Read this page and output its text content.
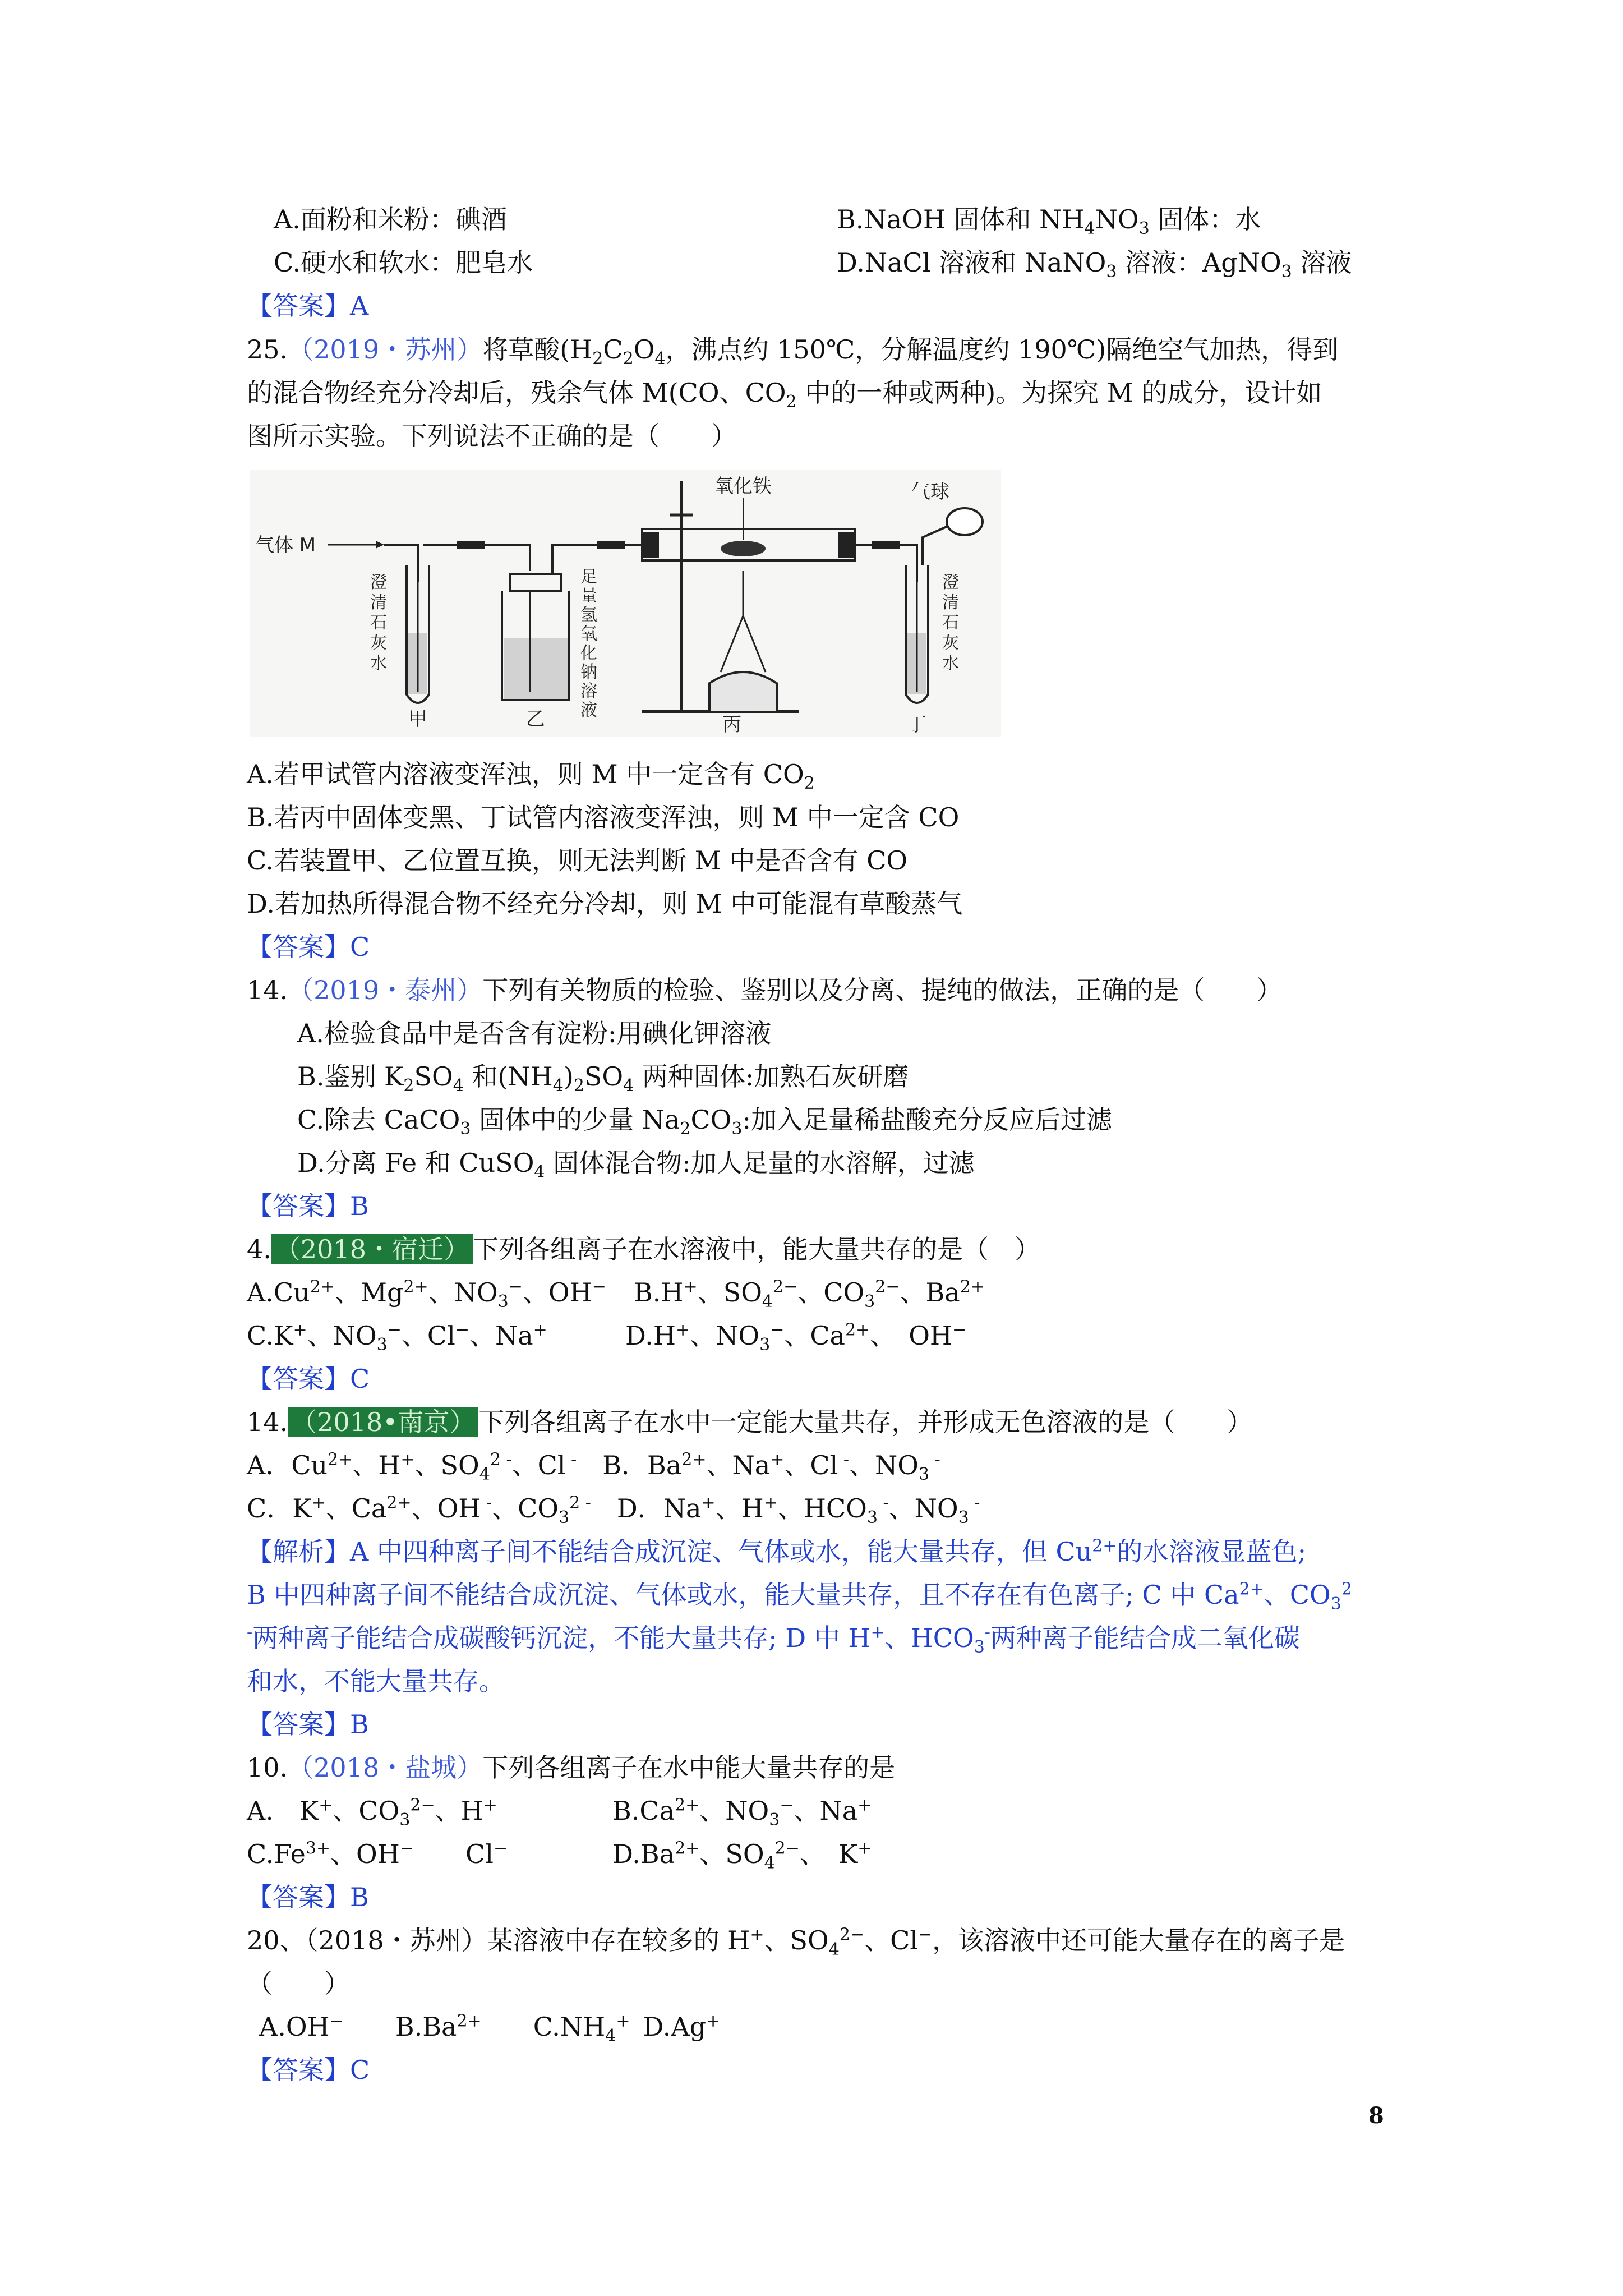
A.面粉和米粉：碘酒	B.NaOH 固体和 $NH_4NO_3$ 固体：水
C.硬水和软水：肥皂水	D.NaCl 溶液和 NaNO$_3$ 溶液：AgNO$_3$ 溶液
【答案】A
25.（2019・苏州）将草酸($H_2C_2O_4$，沸点约 150℃，分解温度约 190℃)隔绝空气加热，得到
的混合物经充分冷却后，残余气体 M(CO、$CO_2$ 中的一种或两种)。为探究 M 的成分，设计如
图所示实验。下列说法不正确的是（　　）
气体 M
澄清石灰水
甲
足量氢氧化钠溶液
乙
氧化铁
丙
气球
澄清石灰水
丁
A.若甲试管内溶液变浑浊，则 M 中一定含有 $CO_2$
B.若丙中固体变黑、丁试管内溶液变浑浊，则 M 中一定含 CO
C.若装置甲、乙位置互换，则无法判断 M 中是否含有 CO
D.若加热所得混合物不经充分冷却，则 M 中可能混有草酸蒸气
【答案】C
14.（2019・泰州）下列有关物质的检验、鉴别以及分离、提纯的做法，正确的是（　　）
A.检验食品中是否含有淀粉:用碘化钾溶液
B.鉴别 $K_2SO_4$ 和$(NH_4)_2SO_4$ 两种固体:加熟石灰研磨
C.除去 CaCO$_3$ 固体中的少量 $Na_2CO_3$:加入足量稀盐酸充分反应后过滤
D.分离 Fe 和 CuSO$_4$ 固体混合物:加人足量的水溶解，过滤
【答案】B
4. （2018・宿迁） 下列各组离子在水溶液中，能大量共存的是（　）
$A.Cu^{2+}$、$Mg^{2+}$、$NO_3^-$、OH− B.H+、$SO_4^{2-}$、$CO_3^{2-}$、$Ba^{2+}$
C.K+、$NO_3^-$、Cl−、Na+	D.H+、$NO_3^-$、$Ca^{2+}$、　OH−
【答案】C
14. （2018•南京） 下列各组离子在水中一定能大量共存，并形成无色溶液的是（　　）
A．$Cu^{2+}$、H+、$SO_4^{2 -}$、Cl -  B．$Ba^{2+}$、Na+、Cl -、$NO_3$ -
C．K+、$Ca^{2+}$、OH -、$CO_3^{2 -}$  D．Na+、H+、$HCO_3$ -、$NO_3$ -
【解析】A 中四种离子间不能结合成沉淀、气体或水，能大量共存，但 $Cu^{2+}$的水溶液显蓝色;
B 中四种离子间不能结合成沉淀、气体或水，能大量共存，且不存在有色离子; C 中 $Ca^{2+}$、$CO_3^2$
-两种离子能结合成碳酸钙沉淀，不能大量共存; D 中 H+、$HCO_3^-$两种离子能结合成二氧化碳
和水，不能大量共存。
【答案】B
10.（2018・盐城）下列各组离子在水中能大量共存的是
A.　K+、$CO_3^{2-}$、H+	$B.Ca^{2+}$、$NO_3^-$、Na+
$C.Fe^{3+}$、OH−　　Cl−	$D.Ba^{2+}$、$SO_4^{2-}$、　K+
【答案】B
20、（2018・苏州）某溶液中存在较多的 H+、$SO_4^{2-}$、Cl−，该溶液中还可能大量存在的离子是
（　　）
A.OH−   $B.Ba^{2+}$   $C.NH_4^+$  D.Ag+
【答案】C
8
